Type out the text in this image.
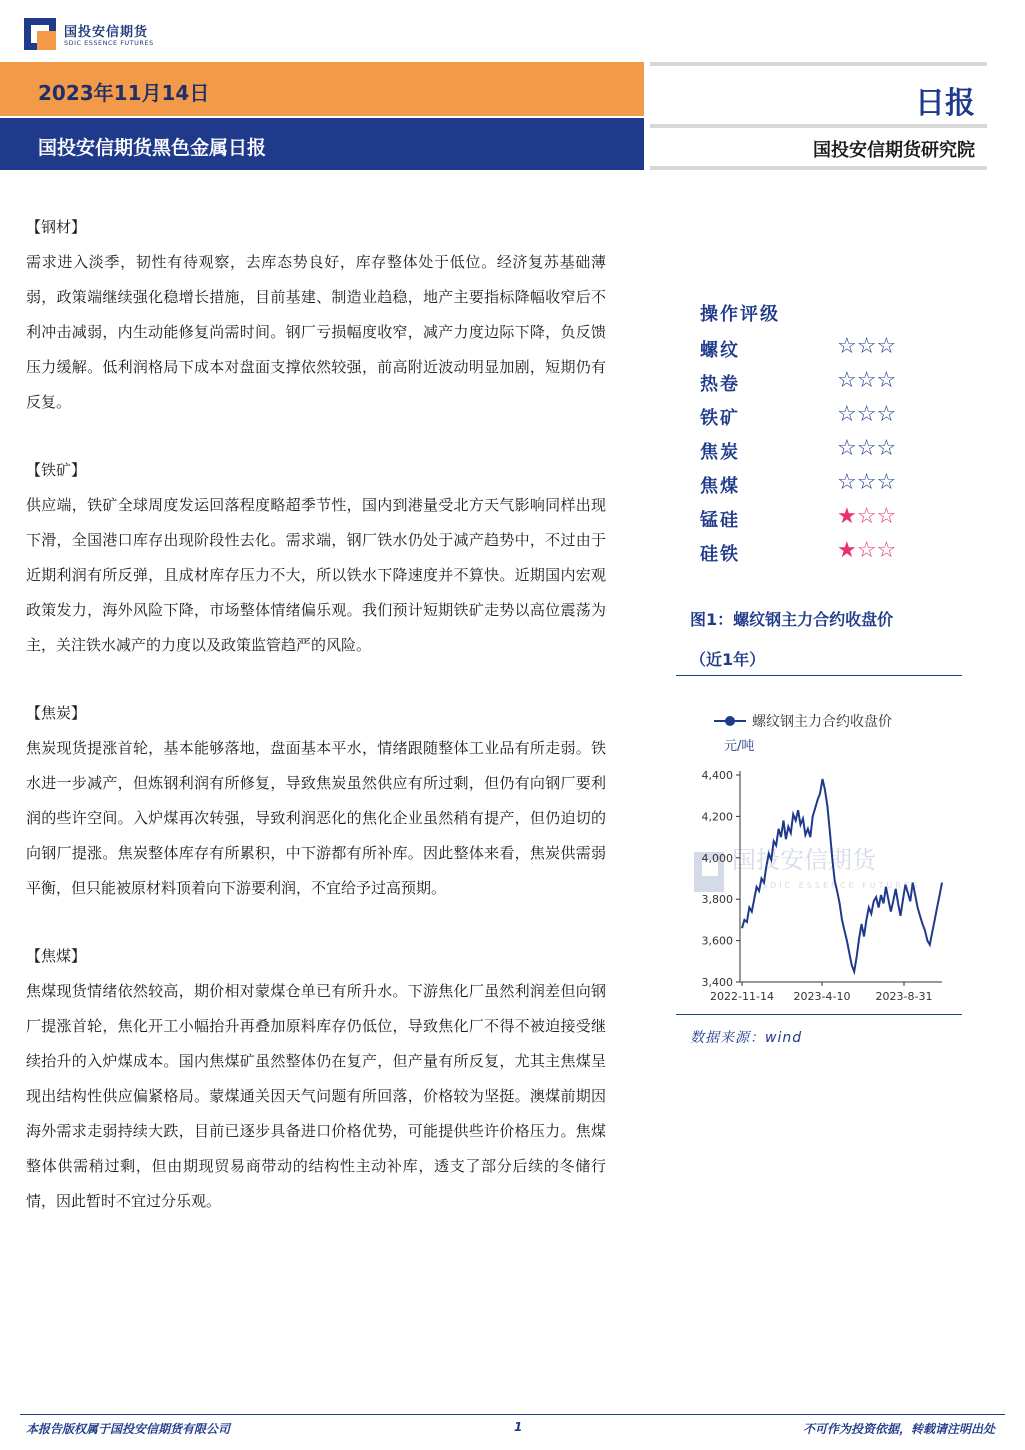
国投安信期货
SDIC ESSENCE FUTURES
2023年11月14日
国投安信期货黑色金属日报
日报
国投安信期货研究院
【钢材】

需求进入淡季，韧性有待观察，去库态势良好，库存整体处于低位。经济复苏基础薄弱，政策端继续强化稳增长措施，目前基建、制造业趋稳，地产主要指标降幅收窄后不利冲击减弱，内生动能修复尚需时间。钢厂亏损幅度收窄，减产力度边际下降，负反馈压力缓解。低利润格局下成本对盘面支撑依然较强，前高附近波动明显加剧，短期仍有反复。

【铁矿】

供应端，铁矿全球周度发运回落程度略超季节性，国内到港量受北方天气影响同样出现下滑，全国港口库存出现阶段性去化。需求端，钢厂铁水仍处于减产趋势中，不过由于近期利润有所反弹，且成材库存压力不大，所以铁水下降速度并不算快。近期国内宏观政策发力，海外风险下降，市场整体情绪偏乐观。我们预计短期铁矿走势以高位震荡为主，关注铁水减产的力度以及政策监管趋严的风险。

【焦炭】

焦炭现货提涨首轮，基本能够落地，盘面基本平水，情绪跟随整体工业品有所走弱。铁水进一步减产，但炼钢利润有所修复，导致焦炭虽然供应有所过剩，但仍有向钢厂要利润的些许空间。入炉煤再次转强，导致利润恶化的焦化企业虽然稍有提产，但仍迫切的向钢厂提涨。焦炭整体库存有所累积，中下游都有所补库。因此整体来看，焦炭供需弱平衡，但只能被原材料顶着向下游要利润，不宜给予过高预期。

【焦煤】

焦煤现货情绪依然较高，期价相对蒙煤仓单已有所升水。下游焦化厂虽然利润差但向钢厂提涨首轮，焦化开工小幅抬升再叠加原料库存仍低位，导致焦化厂不得不被迫接受继续抬升的入炉煤成本。国内焦煤矿虽然整体仍在复产，但产量有所反复，尤其主焦煤呈现出结构性供应偏紧格局。蒙煤通关因天气问题有所回落，价格较为坚挺。澳煤前期因海外需求走弱持续大跌，目前已逐步具备进口价格优势，可能提供些许价格压力。焦煤整体供需稍过剩，但由期现贸易商带动的结构性主动补库，透支了部分后续的冬储行情，因此暂时不宜过分乐观。

操作评级
螺纹	☆☆☆
热卷	☆☆☆
铁矿	☆☆☆
焦炭	☆☆☆
焦煤	☆☆☆
锰硅	★☆☆
硅铁	★☆☆
图1：螺纹钢主力合约收盘价
（近1年）
国投安信期货
SDIC ESSENCE FUTURES
螺纹钢主力合约收盘价
元/吨
3,400
3,600
3,800
4,000
4,200
4,400
2022-11-14 2023-4-10 2023-8-31
数据来源：wind
本报告版权属于国投安信期货有限公司	1	不可作为投资依据，转载请注明出处
